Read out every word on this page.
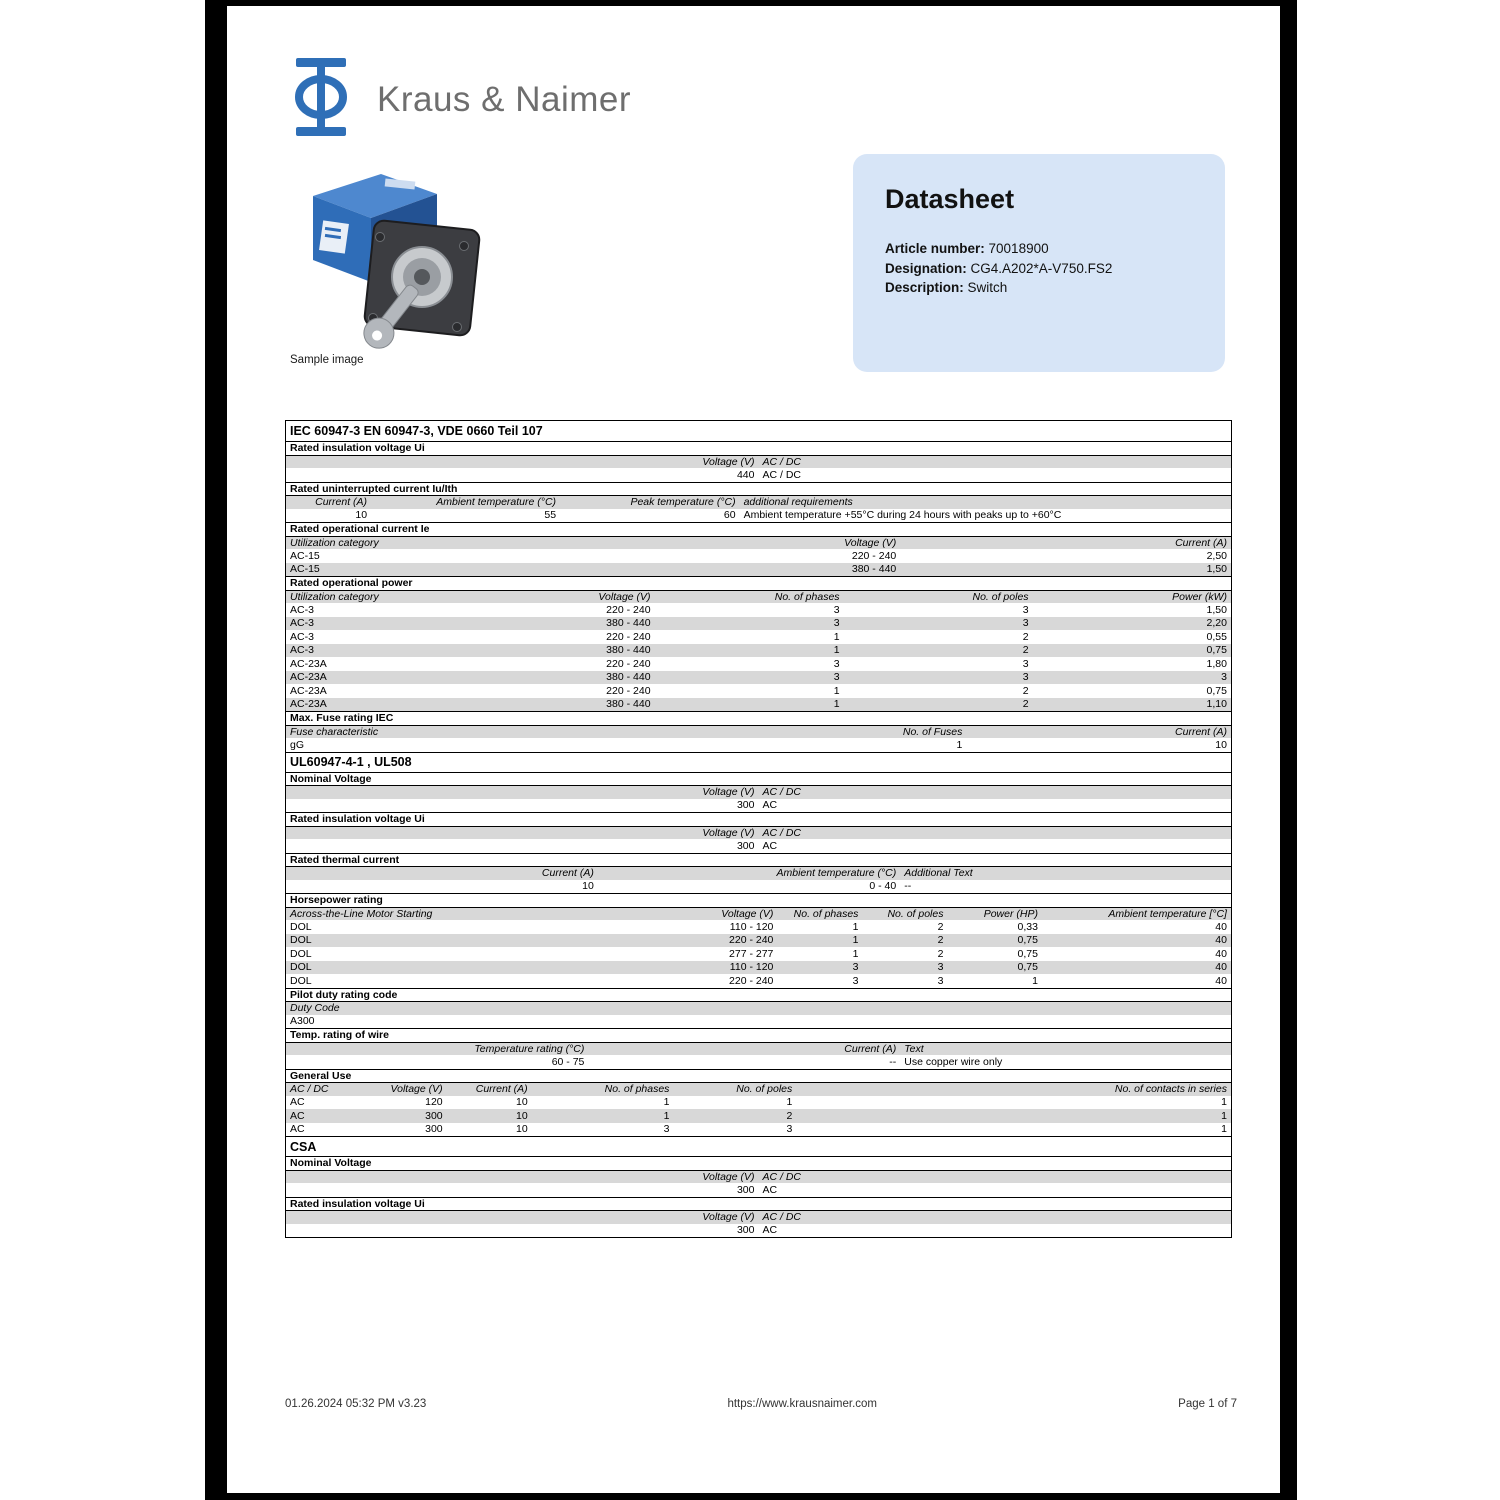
Kraus & Naimer
Sample image
Datasheet
Article number: 70018900
Designation: CG4.A202*A-V750.FS2
Description: Switch
IEC 60947-3 EN 60947-3, VDE 0660 Teil 107
Rated insulation voltage Ui
Voltage (V) AC / DC
440 AC / DC
Rated uninterrupted current Iu/Ith
Current (A)	Ambient temperature (°C)	Peak temperature (°C) additional requirements
10	55	60 Ambient temperature +55°C during 24 hours with peaks up to +60°C
Rated operational current Ie
Utilization category	Voltage (V)	Current (A)
AC-15	220 - 240	2,50
AC-15	380 - 440	1,50
Rated operational power
Utilization category	Voltage (V)	No. of phases	No. of poles	Power (kW)
AC-3	220 - 240	3	3	1,50
AC-3	380 - 440	3	3	2,20
AC-3	220 - 240	1	2	0,55
AC-3	380 - 440	1	2	0,75
AC-23A	220 - 240	3	3	1,80
AC-23A	380 - 440	3	3	3
AC-23A	220 - 240	1	2	0,75
AC-23A	380 - 440	1	2	1,10
Max. Fuse rating IEC
Fuse characteristic	No. of Fuses	Current (A)
gG	1	10
UL60947-4-1 , UL508
Nominal Voltage
Voltage (V) AC / DC
300 AC
Rated insulation voltage Ui
Voltage (V) AC / DC
300 AC
Rated thermal current
Current (A)	Ambient temperature (°C) Additional Text
10	0 - 40 --
Horsepower rating
Across-the-Line Motor Starting	Voltage (V)	No. of phases	No. of poles	Power (HP)	Ambient temperature [°C]
DOL	110 - 120	1	2	0,33	40
DOL	220 - 240	1	2	0,75	40
DOL	277 - 277	1	2	0,75	40
DOL	110 - 120	3	3	0,75	40
DOL	220 - 240	3	3	1	40
Pilot duty rating code
Duty Code
A300
Temp. rating of wire
Temperature rating (°C)	Current (A) Text
60 - 75	-- Use copper wire only
General Use
AC / DC	Voltage (V)	Current (A)	No. of phases	No. of poles	No. of contacts in series
AC	120	10	1	1	1
AC	300	10	1	2	1
AC	300	10	3	3	1
CSA
Nominal Voltage
Voltage (V) AC / DC
300 AC
Rated insulation voltage Ui
Voltage (V) AC / DC
300 AC
01.26.2024 05:32 PM v3.23	https://www.krausnaimer.com	Page 1 of 7
